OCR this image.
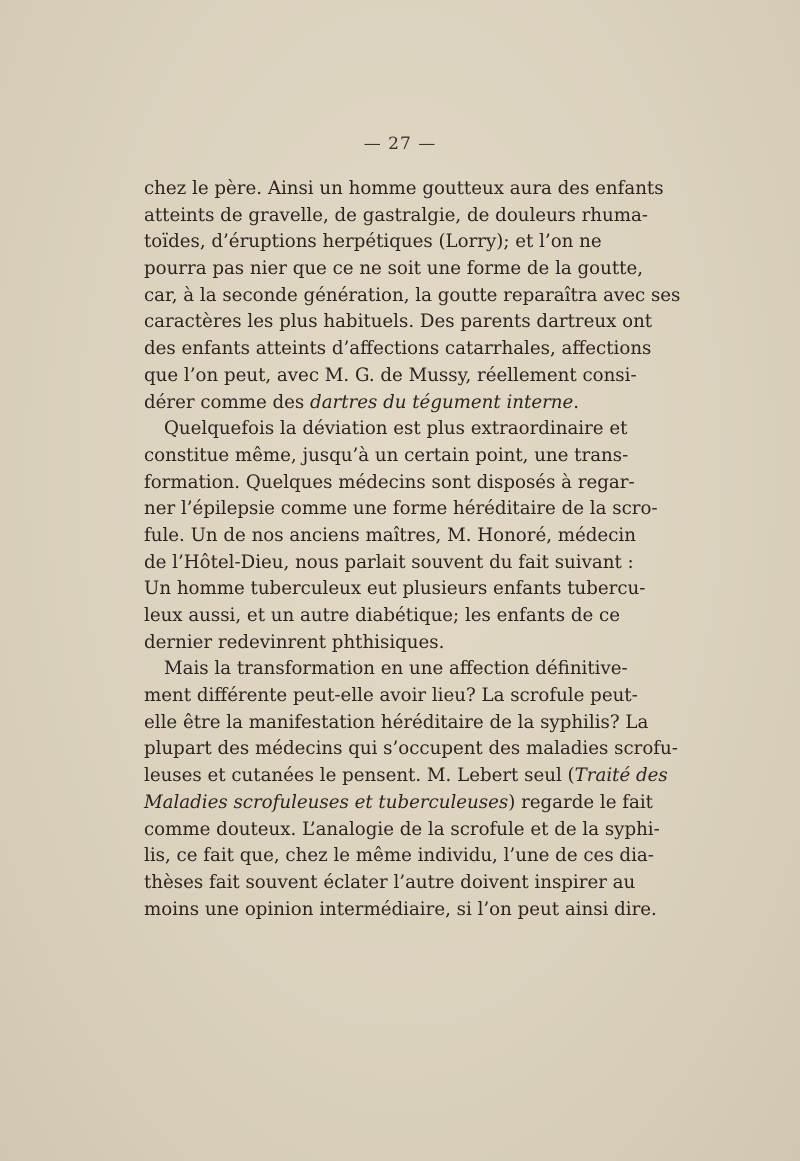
— 27 —
chez le père. Ainsi un homme goutteux aura des enfants
atteints de gravelle, de gastralgie, de douleurs rhuma-
toïdes, d’éruptions herpétiques (Lorry); et l’on ne
pourra pas nier que ce ne soit une forme de la goutte,
car, à la seconde génération, la goutte reparaîtra avec ses
caractères les plus habituels. Des parents dartreux ont
des enfants atteints d’affections catarrhales, affections
que l’on peut, avec M. G. de Mussy, réellement consi-
dérer comme des dartres du tégument interne.
Quelquefois la déviation est plus extraordinaire et
constitue même, jusqu’à un certain point, une trans-
formation. Quelques médecins sont disposés à regar-
ner l’épilepsie comme une forme héréditaire de la scro-
fule. Un de nos anciens maîtres, M. Honoré, médecin
de l’Hôtel-Dieu, nous parlait souvent du fait suivant :
Un homme tuberculeux eut plusieurs enfants tubercu-
leux aussi, et un autre diabétique; les enfants de ce
dernier redevinrent phthisiques.
Mais la transformation en une affection définitive-
ment différente peut-elle avoir lieu? La scrofule peut-
elle être la manifestation héréditaire de la syphilis? La
plupart des médecins qui s’occupent des maladies scrofu-
leuses et cutanées le pensent. M. Lebert seul (Traité des
Maladies scrofuleuses et tuberculeuses) regarde le fait
comme douteux. L’analogie de la scrofule et de la syphi-
lis, ce fait que, chez le même individu, l’une de ces dia-
thèses fait souvent éclater l’autre doivent inspirer au
moins une opinion intermédiaire, si l’on peut ainsi dire.
